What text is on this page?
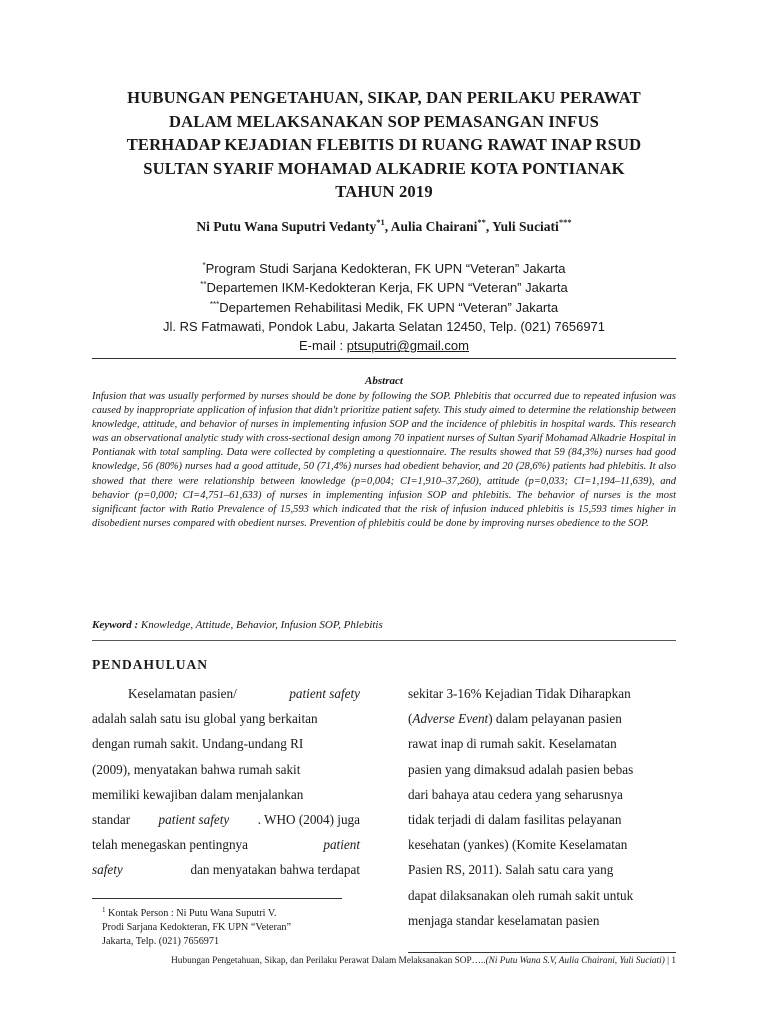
HUBUNGAN PENGETAHUAN, SIKAP, DAN PERILAKU PERAWAT
DALAM MELAKSANAKAN SOP PEMASANGAN INFUS
TERHADAP KEJADIAN FLEBITIS DI RUANG RAWAT INAP RSUD
SULTAN SYARIF MOHAMAD ALKADRIE KOTA PONTIANAK
TAHUN 2019
Ni Putu Wana Suputri Vedanty$^{*1}$, Aulia Chairani**, Yuli Suciati***
*Program Studi Sarjana Kedokteran, FK UPN “Veteran” Jakarta
**Departemen IKM-Kedokteran Kerja, FK UPN “Veteran” Jakarta
***Departemen Rehabilitasi Medik, FK UPN “Veteran” Jakarta
Jl. RS Fatmawati, Pondok Labu, Jakarta Selatan 12450, Telp. (021) 7656971
E-mail : ptsuputri@gmail.com
Abstract
Infusion that was usually performed by nurses should be done by following the SOP. Phlebitis that occurred due to repeated infusion was caused by inappropriate application of infusion that didn't prioritize patient safety. This study aimed to determine the relationship between knowledge, attitude, and behavior of nurses in implementing infusion SOP and the incidence of phlebitis in hospital wards. This research was an observational analytic study with cross-sectional design among 70 inpatient nurses of Sultan Syarif Mohamad Alkadrie Hospital in Pontianak with total sampling. Data were collected by completing a questionnaire. The results showed that 59 (84,3%) nurses had good knowledge, 56 (80%) nurses had a good attitude, 50 (71,4%) nurses had obedient behavior, and 20 (28,6%) patients had phlebitis. It also showed that there were relationship between knowledge (p=0,004; CI=1,910–37,260), attitude (p=0,033; CI=1,194–11,639), and behavior (p=0,000; CI=4,751–61,633) of nurses in implementing infusion SOP and phlebitis. The behavior of nurses is the most significant factor with Ratio Prevalence of 15,593 which indicated that the risk of infusion induced phlebitis is 15,593 times higher in disobedient nurses compared with obedient nurses. Prevention of phlebitis could be done by improving nurses obedience to the SOP.
Keyword : Knowledge, Attitude, Behavior, Infusion SOP, Phlebitis
PENDAHULUAN
Keselamatan pasien/	patient safety
adalah salah satu isu global yang berkaitan
dengan rumah sakit. Undang-undang RI
(2009), menyatakan bahwa rumah sakit
memiliki kewajiban dalam menjalankan
standar patient safety . WHO (2004) juga
telah menegaskan pentingnya	patient
safety	dan menyatakan bahwa terdapat
sekitar 3-16% Kejadian Tidak Diharapkan
(Adverse Event) dalam pelayanan pasien
rawat inap di rumah sakit. Keselamatan
pasien yang dimaksud adalah pasien bebas
dari bahaya atau cedera yang seharusnya
tidak terjadi di dalam fasilitas pelayanan
kesehatan (yankes) (Komite Keselamatan
Pasien RS, 2011). Salah satu cara yang
dapat dilaksanakan oleh rumah sakit untuk
menjaga standar keselamatan pasien
$^1$ Kontak Person : Ni Putu Wana Suputri V.
Prodi Sarjana Kedokteran, FK UPN “Veteran”
Jakarta, Telp. (021) 7656971
Hubungan Pengetahuan, Sikap, dan Perilaku Perawat Dalam Melaksanakan SOP…..(Ni Putu Wana S.V, Aulia Chairani, Yuli Suciati) | 1
